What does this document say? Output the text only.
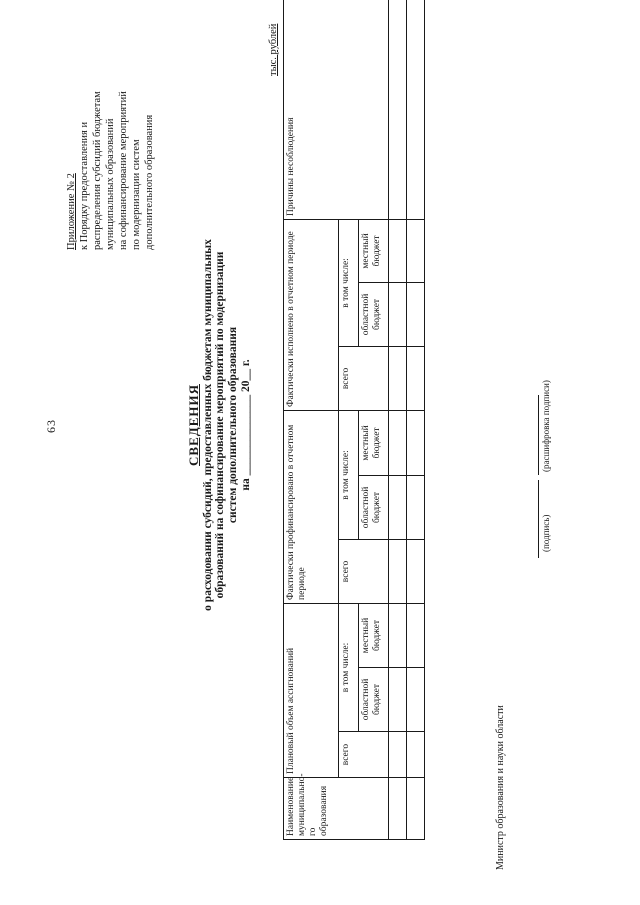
63
Приложение № 2 к Порядку предоставления и распределения субсидий бюджетам муниципальных образований на софинансирование мероприятий по модернизации систем дополнительного образования
СВЕДЕНИЯ о расходовании субсидий, предоставленных бюджетам муниципальных образований на софинансирование мероприятий по модернизации систем дополнительного образования на ______________ 20__ г.
тыс. рублей
Наименование муниципально-го образования	Плановый объем ассигнований			Фактически профинансировано в отчетном периоде			Фактически исполнено в отчетном периоде			Причины несоблюдения
	всего	в том числе:		всего	в том числе:		всего	в том числе:		
		областной бюджет	местный бюджет		областной бюджет	местный бюджет		областной бюджет	местный бюджет	

Министр образования и науки области
(подпись)
(расшифровка подписи)
